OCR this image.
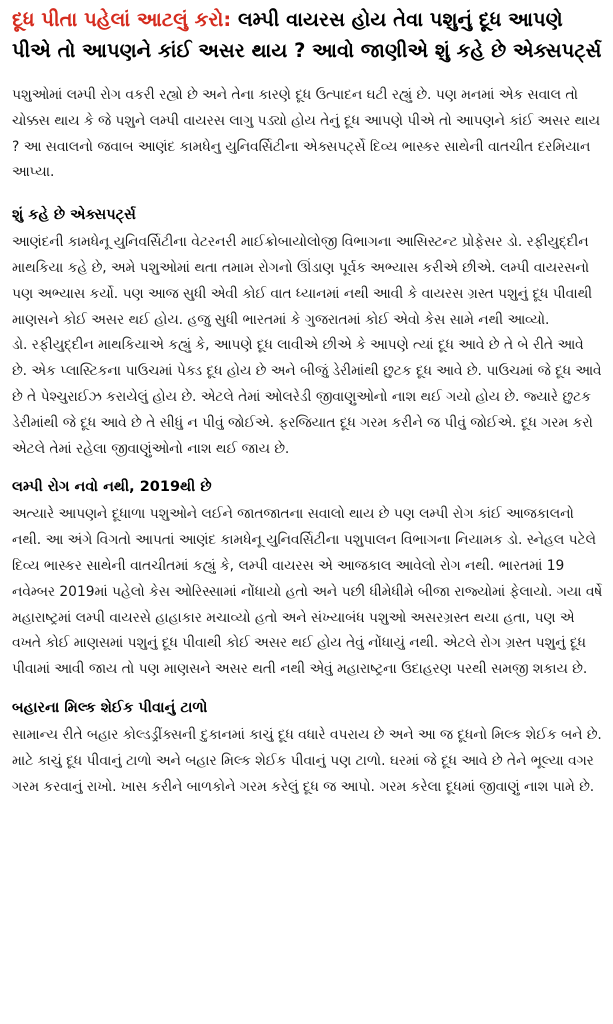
દૂધ પીતા પહેલાં આટલું કરો: લમ્પી વાયરસ હોય તેવા પશુનું દૂધ આપણે પીએ તો આપણને કાંઈ અસર થાય ? આવો જાણીએ શું કહે છે એક્સપર્ટ્સ

પશુઓમાં લમ્પી રોગ વકરી રહ્યો છે અને તેના કારણે દૂધ ઉત્પાદન ઘટી રહ્યું છે. પણ મનમાં એક સવાલ તો ચોક્કસ થાય કે જે પશુને લમ્પી વાયરસ લાગુ પડ્યો હોય તેનું દૂધ આપણે પીએ તો આપણને કાંઈ અસર થાય ? આ સવાલનો જવાબ આણંદ કામધેનુ યુનિવર્સિટીના એક્સપર્ટ્સે દિવ્ય ભાસ્કર સાથેની વાતચીત દરમિયાન આપ્યા.

શું કહે છે એક્સપર્ટ્સ

આણંદની કામધેનૂ યુનિવર્સિટીના વેટરનરી માઈક્રોબાયોલોજી વિભાગના આસિસ્ટન્ટ પ્રોફેસર ડો. રફીયુદ્દીન માથકિયા કહે છે, અમે પશુઓમાં થતા તમામ રોગનો ઊંડાણ પૂર્વક અભ્યાસ કરીએ છીએ. લમ્પી વાયરસનો પણ અભ્યાસ કર્યો. પણ આજ સુધી એવી કોઈ વાત ધ્યાનમાં નથી આવી કે વાયરસ ગ્રસ્ત પશુનું દૂધ પીવાથી માણસને કોઈ અસર થઈ હોય. હજુ સુધી ભારતમાં કે ગુજરાતમાં કોઈ એવો કેસ સામે નથી આવ્યો.

ડો. રફીયુદ્દીન માથકિયાએ કહ્યું કે, આપણે દૂધ લાવીએ છીએ કે આપણે ત્યાં દૂધ આવે છે તે બે રીતે આવે છે. એક પ્લાસ્ટિકના પાઉચમાં પેક્ડ દૂધ હોય છે અને બીજું ડેરીમાંથી છુટક દૂધ આવે છે. પાઉચમાં જે દૂધ આવે છે તે પેશ્ચુરાઈઝ કરાયેલું હોય છે. એટલે તેમાં ઓલરેડી જીવાણુઓનો નાશ થઈ ગયો હોય છે. જ્યારે છુટક ડેરીમાંથી જે દૂધ આવે છે તે સીધું ન પીવું જોઈએ. ફરજિયાત દૂધ ગરમ કરીને જ પીવું જોઈએ. દૂધ ગરમ કરો એટલે તેમાં રહેલા જીવાણુંઓનો નાશ થઈ જાય છે.

લમ્પી રોગ નવો નથી, 2019થી છે

અત્યારે આપણને દૂધાળા પશુઓને લઈને જાતજાતના સવાલો થાય છે પણ લમ્પી રોગ કાંઈ આજકાલનો નથી. આ અંગે વિગતો આપતાં આણંદ કામધેનૂ યુનિવર્સિટીના પશુપાલન વિભાગના નિયામક ડો. સ્નેહલ પટેલે દિવ્ય ભાસ્કર સાથેની વાતચીતમાં કહ્યું કે, લમ્પી વાયરસ એ આજકાલ આવેલો રોગ નથી. ભારતમાં 19 નવેમ્બર 2019માં પહેલો કેસ ઓરિસ્સામાં નોંધાયો હતો અને પછી ધીમેધીમે બીજા રાજ્યોમાં ફેલાયો. ગયા વર્ષે મહારાષ્ટ્રમાં લમ્પી વાયરસે હાહાકાર મચાવ્યો હતો અને સંખ્યાબંધ પશુઓ અસરગ્રસ્ત થયા હતા, પણ એ વખતે કોઈ માણસમાં પશુનું દૂધ પીવાથી કોઈ અસર થઈ હોય તેવું નોંધાયું નથી. એટલે રોગ ગ્રસ્ત પશુનું દૂધ પીવામાં આવી જાય તો પણ માણસને અસર થતી નથી એવું મહારાષ્ટ્રના ઉદાહરણ પરથી સમજી શકાય છે.

બહારના મિલ્ક શેઈક પીવાનું ટાળો

સામાન્ય રીતે બહાર કોલ્ડડ્રીંક્સની દુકાનમાં કાચું દૂધ વધારે વપરાય છે અને આ જ દૂધનો મિલ્ક શેઈક બને છે. માટે કાચું દૂધ પીવાનું ટાળો અને બહાર મિલ્ક શેઈક પીવાનું પણ ટાળો. ઘરમાં જે દૂધ આવે છે તેને ભૂલ્યા વગર ગરમ કરવાનું રાખો. ખાસ કરીને બાળકોને ગરમ કરેલું દૂધ જ આપો. ગરમ કરેલા દૂધમાં જીવાણું નાશ પામે છે.
